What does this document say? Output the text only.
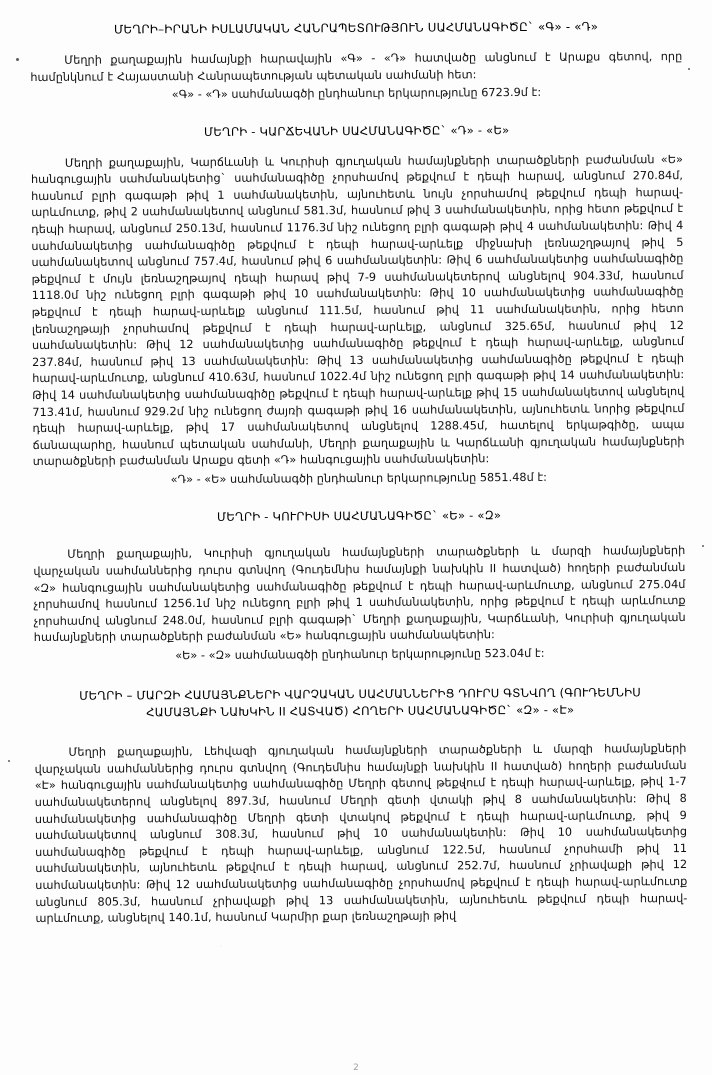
ՄԵՂՐԻ–ԻՐԱՆԻ ԻՍԼԱՄԱԿԱՆ ՀԱՆՐԱՊԵՏՈՒԹՅՈՒՆ ՍԱՀՄԱՆԱԳԻԾԸ` «Գ» - «Դ»

Մեղրի քաղաքային համայնքի հարավային «Գ» - «Դ» հատվածը անցնում է Արաքս գետով, որը համընկնում է Հայաստանի Հանրապետության պետական սահմանի հետ:

«Գ» - «Դ» սահմանագծի ընդհանուր երկարությունը 6723.9մ է:

ՄԵՂՐԻ - ԿԱՐՃԵՎԱՆԻ ՍԱՀՄԱՆԱԳԻԾԸ` «Դ» - «Ե»

Մեղրի քաղաքային, Կարճևանի և Կուրիսի գյուղական համայնքների տարածքների բաժանման «Ե» հանգուցային սահմանակետից` սահմանագիծը չորսհամով թեքվում է դեպի հարավ, անցնում 270.84մ, հասնում բլրի գագաթի թիվ 1 սահմանակետին, այնուհետև նույն չորսհամով թեքվում դեպի հարավ-արևմուտք, թիվ 2 սահմանակետով անցնում 581.3մ, հասնում թիվ 3 սահմանակետին, որից հետո թեքվում է դեպի հարավ, անցնում 250.13մ, հասնում 1176.3մ նիշ ունեցող բլրի գագաթի թիվ 4 սահմանակետին: Թիվ 4 սահմանակետից սահմանագիծը թեքվում է դեպի հարավ-արևելք միջնախի լեռնաշղթայով թիվ 5 սահմանակետով անցնում 757.4մ, հասնում թիվ 6 սահմանակետին: Թիվ 6 սահմանակետից սահմանագիծը թեքվում է մույն լեռնաշղթայով դեպի հարավ թիվ 7-9 սահմանակետերով անցնելով 904.33մ, հասնում 1118.0մ նիշ ունեցող բլրի գագաթի թիվ 10 սահմանակետին: Թիվ 10 սահմանակետից սահմանագիծը թեքվում է դեպի հարավ-արևելք անցնում 111.5մ, հասնում թիվ 11 սահմանակետին, որից հետո լեռնաշղթայի չորսհամով թեքվում է դեպի հարավ-արևելք, անցնում 325.65մ, հասնում թիվ 12 սահմանակետին: Թիվ 12 սահմանակետից սահմանագիծը թեքվում է դեպի հարավ-արևելք, անցնում 237.84մ, հասնում թիվ 13 սահմանակետին: Թիվ 13 սահմանակետից սահմանագիծը թեքվում է դեպի հարավ-արևմուտք, անցնում 410.63մ, հասնում 1022.4մ նիշ ունեցող բլրի գագաթի թիվ 14 սահմանակետին: Թիվ 14 սահմանակետից սահմանագիծը թեքվում է դեպի հարավ-արևելք թիվ 15 սահմանակետով անցնելով 713.41մ, հասնում 929.2մ նիշ ունեցող ժայռի գագաթի թիվ 16 սահմանակետին, այնուհետև նորից թեքվում դեպի հարավ-արևելք, թիվ 17 սահմանակետով անցնելով 1288.45մ, հատելով երկաթգիծը, ապա ճանապարհը, հասնում պետական սահմանի, Մեղրի քաղաքային և Կարճևանի գյուղական համայնքների տարածքների բաժանման Արաքս գետի «Դ» հանգուցային սահմանակետին:

«Դ» - «Ե» սահմանագծի ընդհանուր երկարությունը 5851.48մ է:

ՄԵՂՐԻ - ԿՈՒՐԻՍԻ ՍԱՀՄԱՆԱԳԻԾԸ` «Ե» - «Զ»

Մեղրի քաղաքային, Կուրիսի գյուղական համայնքների տարածքների և մարզի համայնքների վարչական սահմաններից դուրս գտնվող (Գուդեմնիս համայնքի նախկին II հատված) հողերի բաժանման «Զ» հանգուցային սահմանակետից սահմանագիծը թեքվում է դեպի հարավ-արևմուտք, անցնում 275.04մ չորսհամով հասնում 1256.1մ նիշ ունեցող բլրի թիվ 1 սահմանակետին, որից թեքվում է դեպի արևմուտք չորսհամով անցնում 248.0մ, հասնում բլրի գագաթի` Մեղրի քաղաքային, Կարճևանի, Կուրիսի գյուղական համայնքների տարածքների բաժանման «Ե» հանգուցային սահմանակետին:

«Ե» - «Զ» սահմանագծի ընդհանուր երկարությունը 523.04մ է:

ՄԵՂՐԻ – ՄԱՐԶԻ ՀԱՄԱՅՆՔՆԵՐԻ ՎԱՐՉԱԿԱՆ ՍԱՀՄԱՆՆԵՐԻՑ ԴՈՒՐՍ ԳՏՆՎՈՂ (ԳՈՒԴԵՄՆԻՍ
ՀԱՄԱՅՆՔԻ ՆԱԽԿԻՆ II ՀԱՏՎԱԾ) ՀՈՂԵՐԻ ՍԱՀՄԱՆԱԳԻԾԸ` «Զ» - «Է»

Մեղրի քաղաքային, Լեհվազի գյուղական համայնքների տարածքների և մարզի համայնքների վարչական սահմաններից դուրս գտնվող (Գուդեմնիս համայնքի նախկին II հատված) հողերի բաժանման «Է» հանգուցային սահմանակետից սահմանագիծը Մեղրի գետով թեքվում է դեպի հարավ-արևելք, թիվ 1-7 սահմանակետերով անցնելով 897.3մ, հասնում Մեղրի գետի վտակի թիվ 8 սահմանակետին: Թիվ 8 սահմանակետից սահմանագիծը Մեղրի գետի վտակով թեքվում է դեպի հարավ-արևմուտք, թիվ 9 սահմանակետով անցնում 308.3մ, հասնում թիվ 10 սահմանակետին: Թիվ 10 սահմանակետից սահմանագիծը թեքվում է դեպի հարավ-արևելք, անցնում 122.5մ, հասնում չորսհամի թիվ 11 սահմանակետին, այնուհետև թեքվում է դեպի հարավ, անցնում 252.7մ, հասնում չրիավաքի թիվ 12 սահմանակետին: Թիվ 12 սահմանակետից սահմանագիծը չորսհամով թեքվում է դեպի հարավ-արևմուտք անցնում 805.3մ, հասնում չրիավաքի թիվ 13 սահմանակետին, այնուհետև թեքվում դեպի հարավ-արևմուտք, անցնելով 140.1մ, հասնում Կարմիր քար լեռնաշղթայի թիվ

2
